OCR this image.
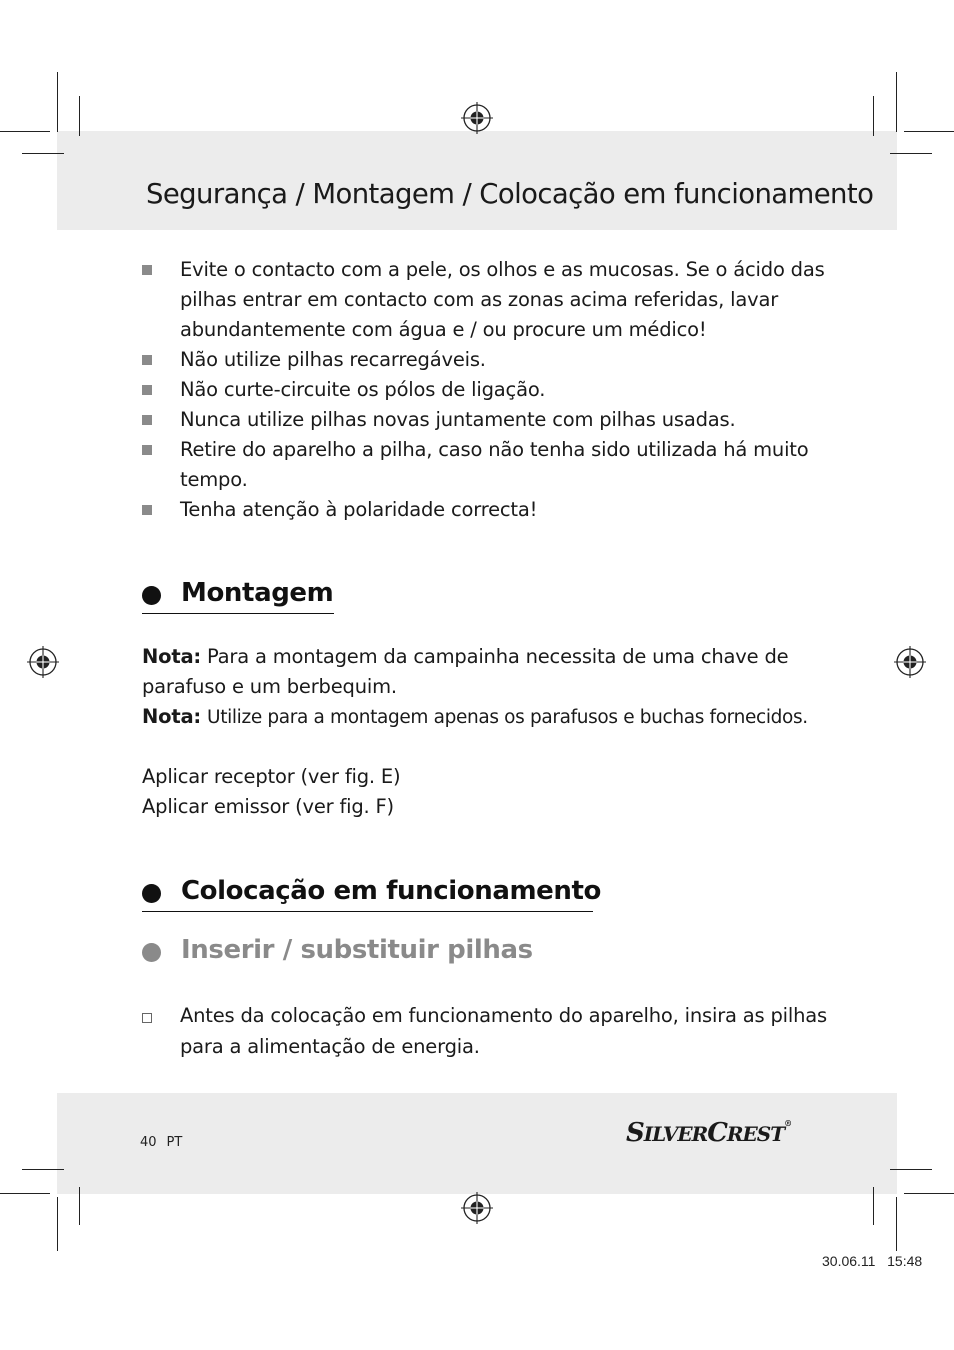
Segurança / Montagem / Colocação em funcionamento
Evite o contacto com a pele, os olhos e as mucosas. Se o ácido das pilhas entrar em contacto com as zonas acima referidas, lavar abundantemente com água e / ou procure um médico!
Não utilize pilhas recarregáveis.
Não curte-circuite os pólos de ligação.
Nunca utilize pilhas novas juntamente com pilhas usadas.
Retire do aparelho a pilha, caso não tenha sido utilizada há muito tempo.
Tenha atenção à polaridade correcta!
Montagem
Nota: Para a montagem da campainha necessita de uma chave de parafuso e um berbequim.
Nota: Utilize para a montagem apenas os parafusos e buchas fornecidos.
Aplicar receptor (ver fig. E)
Aplicar emissor (ver fig. F)
Colocação em funcionamento
Inserir / substituir pilhas
Antes da colocação em funcionamento do aparelho, insira as pilhas para a alimentação de energia.
40 PT	SILVERCREST®
30.06.11   15:48
